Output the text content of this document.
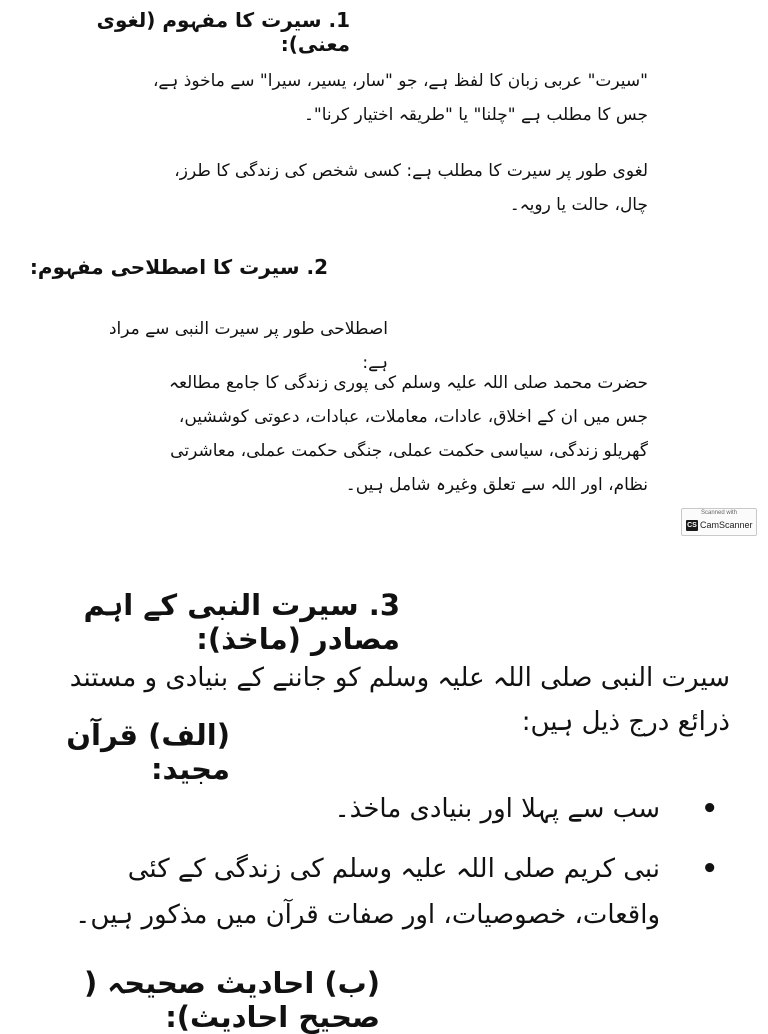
1. سیرت کا مفہوم (لغوی معنی):
"سیرت" عربی زبان کا لفظ ہے، جو "سار، یسیر، سیرا" سے ماخوذ ہے، جس کا مطلب ہے "چلنا" یا "طریقہ اختیار کرنا"۔
لغوی طور پر سیرت کا مطلب ہے: کسی شخص کی زندگی کا طرز، چال، حالت یا رویہ۔
2. سیرت کا اصطلاحی مفہوم:
اصطلاحی طور پر سیرت النبی سے مراد ہے:
حضرت محمد صلی اللہ علیہ وسلم کی پوری زندگی کا جامع مطالعہ جس میں ان کے اخلاق، عادات، معاملات، عبادات، دعوتی کوششیں، گھریلو زندگی، سیاسی حکمت عملی، جنگی حکمت عملی، معاشرتی نظام، اور اللہ سے تعلق وغیرہ شامل ہیں۔
Scanned with
CS CamScanner
3. سیرت النبی کے اہم مصادر (ماخذ):
سیرت النبی صلی اللہ علیہ وسلم کو جاننے کے بنیادی و مستند ذرائع درج ذیل ہیں:
(الف) قرآن مجید:
•
سب سے پہلا اور بنیادی ماخذ۔
•
نبی کریم صلی اللہ علیہ وسلم کی زندگی کے کئی واقعات، خصوصیات، اور صفات قرآن میں مذکور ہیں۔
(ب) احادیث صحیحہ ( صحیح احادیث):
